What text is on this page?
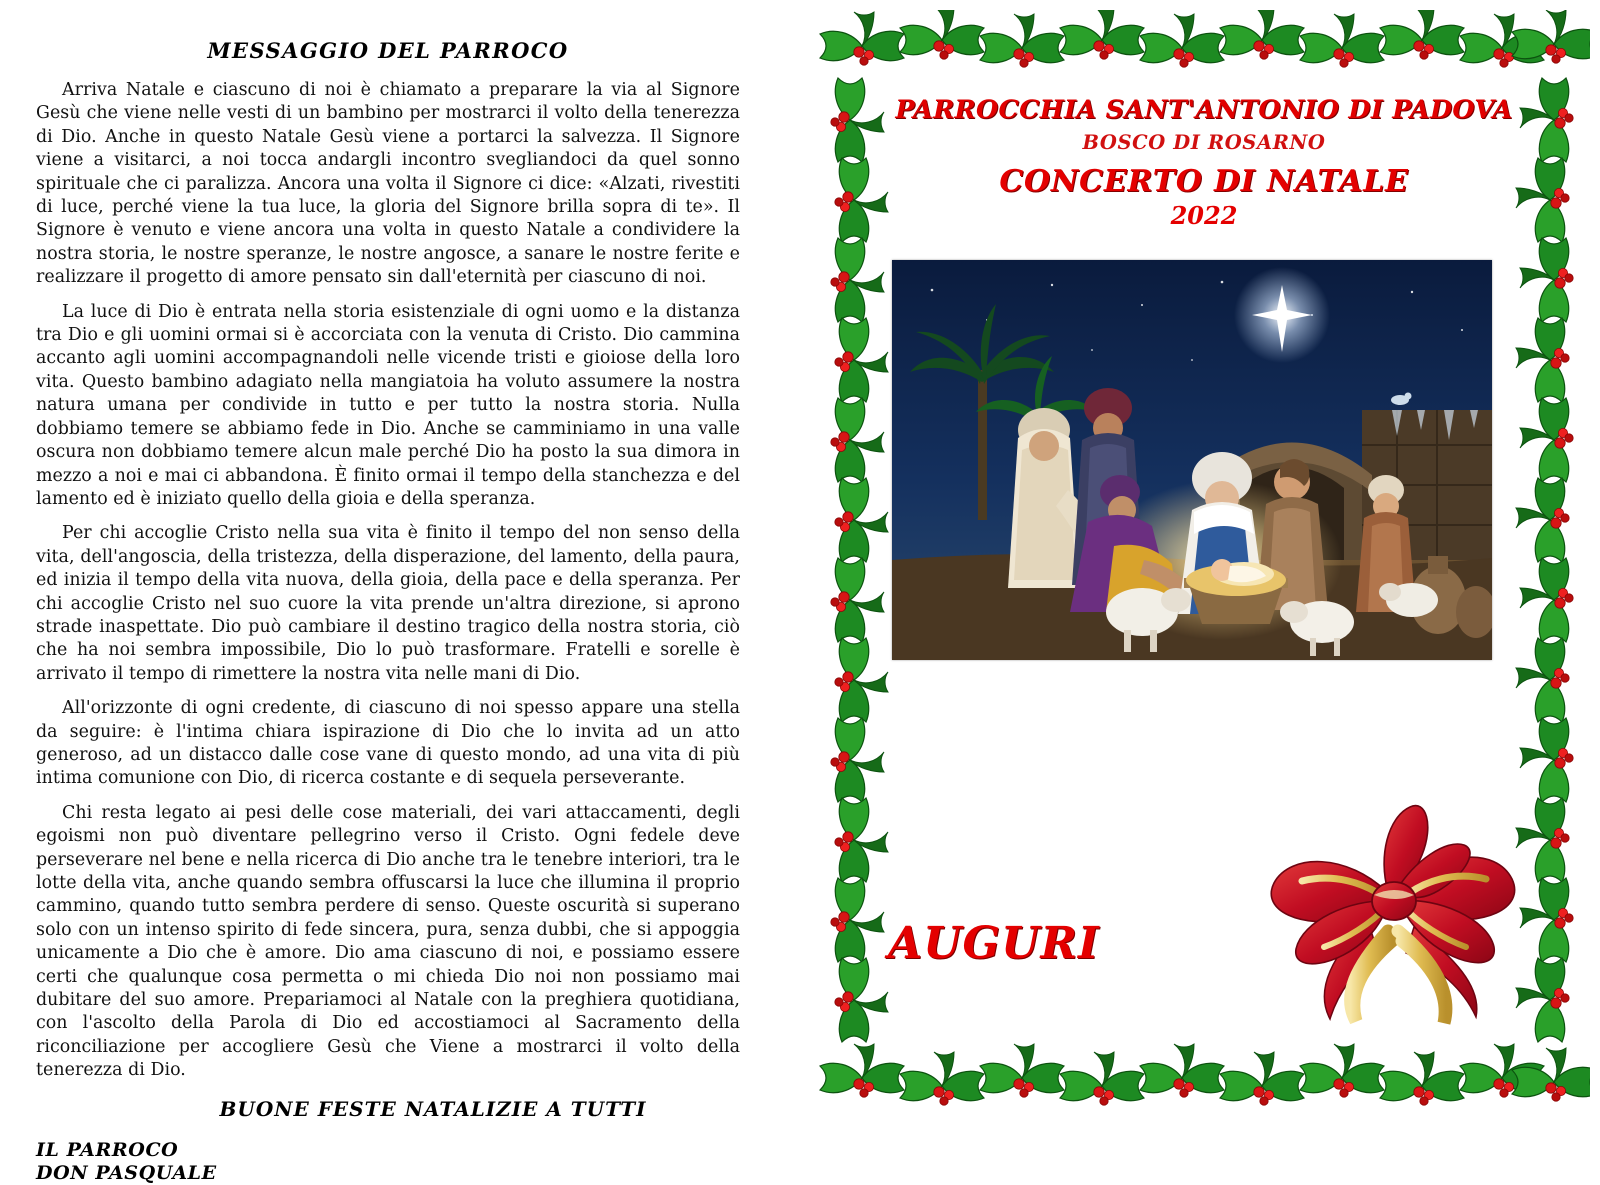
MESSAGGIO DEL PARROCO

Arriva Natale e ciascuno di noi è chiamato a preparare la via al Signore Gesù che viene nelle vesti di un bambino per mostrarci il volto della tenerezza di Dio. Anche in questo Natale Gesù viene a portarci la salvezza. Il Signore viene a visitarci, a noi tocca andargli incontro svegliandoci da quel sonno spirituale che ci paralizza. Ancora una volta il Signore ci dice: «Alzati, rivestiti di luce, perché viene la tua luce, la gloria del Signore brilla sopra di te». Il Signore è venuto e viene ancora una volta in questo Natale a condividere la nostra storia, le nostre speranze, le nostre angosce, a sanare le nostre ferite e realizzare il progetto di amore pensato sin dall'eternità per ciascuno di noi.

La luce di Dio è entrata nella storia esistenziale di ogni uomo e la distanza tra Dio e gli uomini ormai si è accorciata con la venuta di Cristo. Dio cammina accanto agli uomini accompagnandoli nelle vicende tristi e gioiose della loro vita. Questo bambino adagiato nella mangiatoia ha voluto assumere la nostra natura umana per condivide in tutto e per tutto la nostra storia. Nulla dobbiamo temere se abbiamo fede in Dio. Anche se camminiamo in una valle oscura non dobbiamo temere alcun male perché Dio ha posto la sua dimora in mezzo a noi e mai ci abbandona. È finito ormai il tempo della stanchezza e del lamento ed è iniziato quello della gioia e della speranza.

Per chi accoglie Cristo nella sua vita è finito il tempo del non senso della vita, dell'angoscia, della tristezza, della disperazione, del lamento, della paura, ed inizia il tempo della vita nuova, della gioia, della pace e della speranza. Per chi accoglie Cristo nel suo cuore la vita prende un'altra direzione, si aprono strade inaspettate. Dio può cambiare il destino tragico della nostra storia, ciò che ha noi sembra impossibile, Dio lo può trasformare. Fratelli e sorelle è arrivato il tempo di rimettere la nostra vita nelle mani di Dio.

All'orizzonte di ogni credente, di ciascuno di noi spesso appare una stella da seguire: è l'intima chiara ispirazione di Dio che lo invita ad un atto generoso, ad un distacco dalle cose vane di questo mondo, ad una vita di più intima comunione con Dio, di ricerca costante e di sequela perseverante.

Chi resta legato ai pesi delle cose materiali, dei vari attaccamenti, degli egoismi non può diventare pellegrino verso il Cristo. Ogni fedele deve perseverare nel bene e nella ricerca di Dio anche tra le tenebre interiori, tra le lotte della vita, anche quando sembra offuscarsi la luce che illumina il proprio cammino, quando tutto sembra perdere di senso. Queste oscurità si superano solo con un intenso spirito di fede sincera, pura, senza dubbi, che si appoggia unicamente a Dio che è amore. Dio ama ciascuno di noi, e possiamo essere certi che qualunque cosa permetta o mi chieda Dio noi non possiamo mai dubitare del suo amore. Prepariamoci al Natale con la preghiera quotidiana, con l'ascolto della Parola di Dio ed accostiamoci al Sacramento della riconciliazione per accogliere Gesù che Viene a mostrarci il volto della tenerezza di Dio.

BUONE FESTE NATALIZIE A TUTTI
IL PARROCO
DON PASQUALE
PARROCCHIA SANT'ANTONIO DI PADOVA
BOSCO DI ROSARNO
CONCERTO DI NATALE
2022
AUGURI
